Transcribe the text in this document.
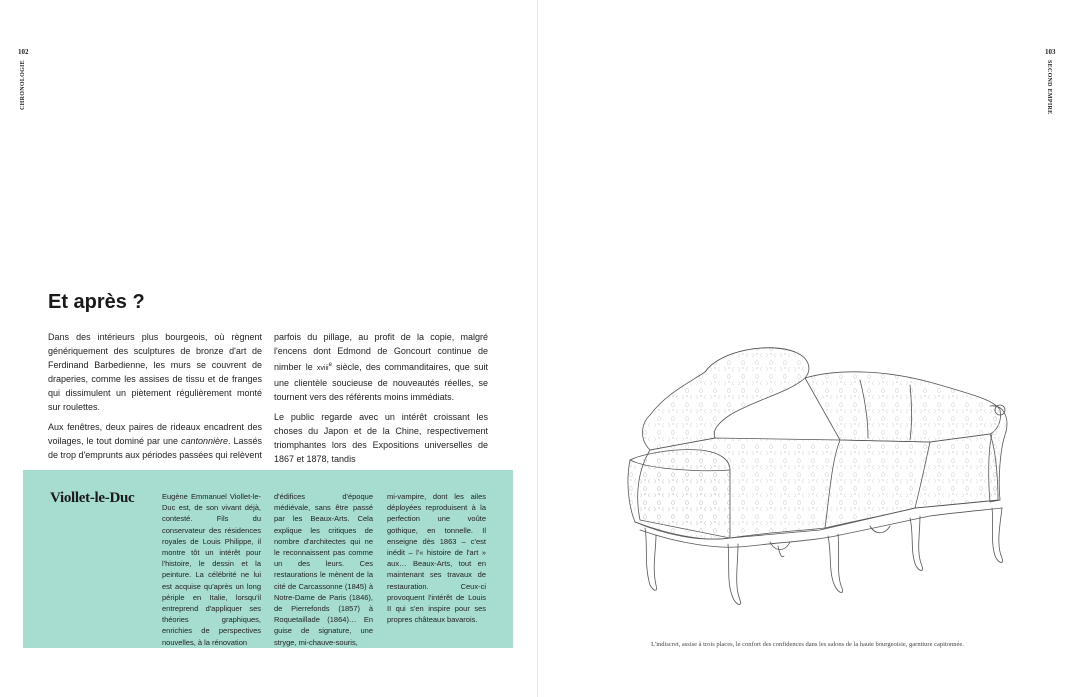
102
CHRONOLOGIE
103
SECOND EMPIRE
Et après ?

Dans des intérieurs plus bourgeois, où règnent génériquement des sculptures de bronze d'art de Ferdinand Barbedienne, les murs se couvrent de draperies, comme les assises de tissu et de franges qui dissimulent un piètement régulièrement monté sur roulettes.

Aux fenêtres, deux paires de rideaux encadrent des voilages, le tout dominé par une cantonnière. Lassés de trop d'emprunts aux périodes passées qui relèvent

parfois du pillage, au profit de la copie, malgré l'encens dont Edmond de Goncourt continue de nimber le xviii$^e$ siècle, des commanditaires, que suit une clientèle soucieuse de nouveautés réelles, se tournent vers des référents moins immédiats.

Le public regarde avec un intérêt croissant les choses du Japon et de la Chine, respectivement triomphantes lors des Expositions universelles de 1867 et 1878, tandis

Viollet-le-Duc	Eugène Emmanuel Viollet-le-Duc est, de son vivant déjà, contesté. Fils du conservateur des résidences royales de Louis Philippe, il montre tôt un intérêt pour l'histoire, le dessin et la peinture. La célébrité ne lui est acquise qu'après un long périple en Italie, lorsqu'il entreprend d'appliquer ses théories graphiques, enrichies de perspectives nouvelles, à la rénovation

d'édifices d'époque médiévale, sans être passé par les Beaux-Arts. Cela explique les critiques de nombre d'architectes qui ne le reconnaissent pas comme un des leurs. Ces restaurations le mènent de la cité de Carcassonne (1845) à Notre-Dame de Paris (1846), de Pierrefonds (1857) à Roquetaillade (1864)… En guise de signature, une stryge, mi-chauve-souris,

mi-vampire, dont les ailes déployées reproduisent à la perfection une voûte gothique, en tonnelle. Il enseigne dès 1863 – c'est inédit – l'« histoire de l'art » aux… Beaux-Arts, tout en maintenant ses travaux de restauration. Ceux-ci provoquent l'intérêt de Louis II qui s'en inspire pour ses propres châteaux bavarois.

L'indiscret, assise à trois places, le confort des confidences dans les salons de la haute bourgeoisie, garniture capitonnée.
